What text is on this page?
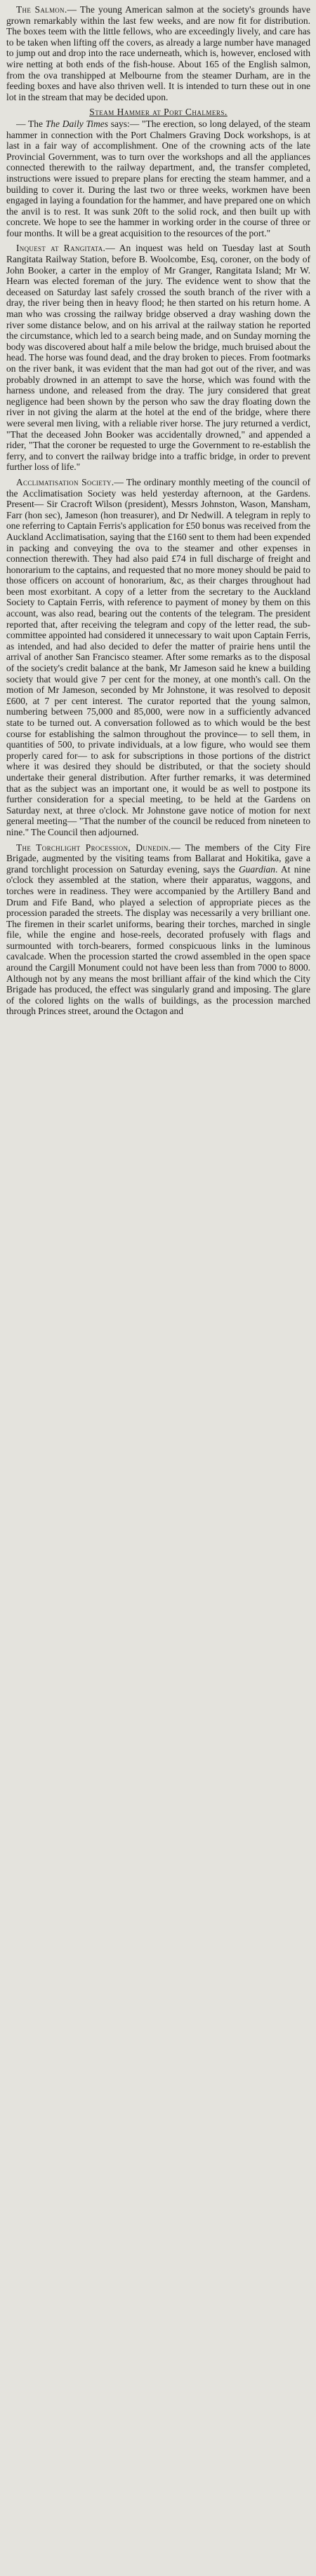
The Salmon.— The young American salmon at the society's grounds have grown remarkably within the last few weeks, and are now fit for distribution. The boxes teem with the little fellows, who are exceedingly lively, and care has to be taken when lifting off the covers, as already a large number have managed to jump out and drop into the race underneath, which is, however, enclosed with wire netting at both ends of the fish-house. About 165 of the English salmon, from the ova transhipped at Melbourne from the steamer Durham, are in the feeding boxes and have also thriven well. It is intended to turn these out in one lot in the stream that may be decided upon.

Steam Hammer at Port Chalmers.

— The The Daily Times says:— "The erection, so long delayed, of the steam hammer in connection with the Port Chalmers Graving Dock workshops, is at last in a fair way of accomplishment. One of the crowning acts of the late Provincial Government, was to turn over the workshops and all the appliances connected therewith to the railway department, and, the transfer completed, instructions were issued to prepare plans for erecting the steam hammer, and a building to cover it. During the last two or three weeks, workmen have been engaged in laying a foundation for the hammer, and have prepared one on which the anvil is to rest. It was sunk 20ft to the solid rock, and then built up with concrete. We hope to see the hammer in working order in the course of three or four months. It will be a great acquisition to the resources of the port."

Inquest at Rangitata.— An inquest was held on Tuesday last at South Rangitata Railway Station, before B. Woolcombe, Esq, coroner, on the body of John Booker, a carter in the employ of Mr Granger, Rangitata Island; Mr W. Hearn was elected foreman of the jury. The evidence went to show that the deceased on Saturday last safely crossed the south branch of the river with a dray, the river being then in heavy flood; he then started on his return home. A man who was crossing the railway bridge observed a dray washing down the river some distance below, and on his arrival at the railway station he reported the circumstance, which led to a search being made, and on Sunday morning the body was discovered about half a mile below the bridge, much bruised about the head. The horse was found dead, and the dray broken to pieces. From footmarks on the river bank, it was evident that the man had got out of the river, and was probably drowned in an attempt to save the horse, which was found with the harness undone, and released from the dray. The jury considered that great negligence had been shown by the person who saw the dray floating down the river in not giving the alarm at the hotel at the end of the bridge, where there were several men living, with a reliable river horse. The jury returned a verdict, "That the deceased John Booker was accidentally drowned," and appended a rider, "That the coroner be requested to urge the Government to re-establish the ferry, and to convert the railway bridge into a traffic bridge, in order to prevent further loss of life."

Acclimatisation Society.— The ordinary monthly meeting of the council of the Acclimatisation Society was held yesterday afternoon, at the Gardens. Present— Sir Cracroft Wilson (president), Messrs Johnston, Wason, Mansham, Farr (hon sec), Jameson (hon treasurer), and Dr Nedwill. A telegram in reply to one referring to Captain Ferris's application for £50 bonus was received from the Auckland Acclimatisation, saying that the £160 sent to them had been expended in packing and conveying the ova to the steamer and other expenses in connection therewith. They had also paid £74 in full discharge of freight and honorarium to the captains, and requested that no more money should be paid to those officers on account of honorarium, &c, as their charges throughout had been most exorbitant. A copy of a letter from the secretary to the Auckland Society to Captain Ferris, with reference to payment of money by them on this account, was also read, bearing out the contents of the telegram. The president reported that, after receiving the telegram and copy of the letter read, the sub-committee appointed had considered it unnecessary to wait upon Captain Ferris, as intended, and had also decided to defer the matter of prairie hens until the arrival of another San Francisco steamer. After some remarks as to the disposal of the society's credit balance at the bank, Mr Jameson said he knew a building society that would give 7 per cent for the money, at one month's call. On the motion of Mr Jameson, seconded by Mr Johnstone, it was resolved to deposit £600, at 7 per cent interest. The curator reported that the young salmon, numbering between 75,000 and 85,000, were now in a sufficiently advanced state to be turned out. A conversation followed as to which would be the best course for establishing the salmon throughout the province— to sell them, in quantities of 500, to private individuals, at a low figure, who would see them properly cared for— to ask for subscriptions in those portions of the district where it was desired they should be distributed, or that the society should undertake their general distribution. After further remarks, it was determined that as the subject was an important one, it would be as well to postpone its further consideration for a special meeting, to be held at the Gardens on Saturday next, at three o'clock. Mr Johnstone gave notice of motion for next general meeting— "That the number of the council be reduced from nineteen to nine." The Council then adjourned.

The Torchlight Procession, Dunedin.— The members of the City Fire Brigade, augmented by the visiting teams from Ballarat and Hokitika, gave a grand torchlight procession on Saturday evening, says the Guardian. At nine o'clock they assembled at the station, where their apparatus, waggons, and torches were in readiness. They were accompanied by the Artillery Band and Drum and Fife Band, who played a selection of appropriate pieces as the procession paraded the streets. The display was necessarily a very brilliant one. The firemen in their scarlet uniforms, bearing their torches, marched in single file, while the engine and hose-reels, decorated profusely with flags and surmounted with torch-bearers, formed conspicuous links in the luminous cavalcade. When the procession started the crowd assembled in the open space around the Cargill Monument could not have been less than from 7000 to 8000. Although not by any means the most brilliant affair of the kind which the City Brigade has produced, the effect was singularly grand and imposing. The glare of the colored lights on the walls of buildings, as the procession marched through Princes street, around the Octagon and
